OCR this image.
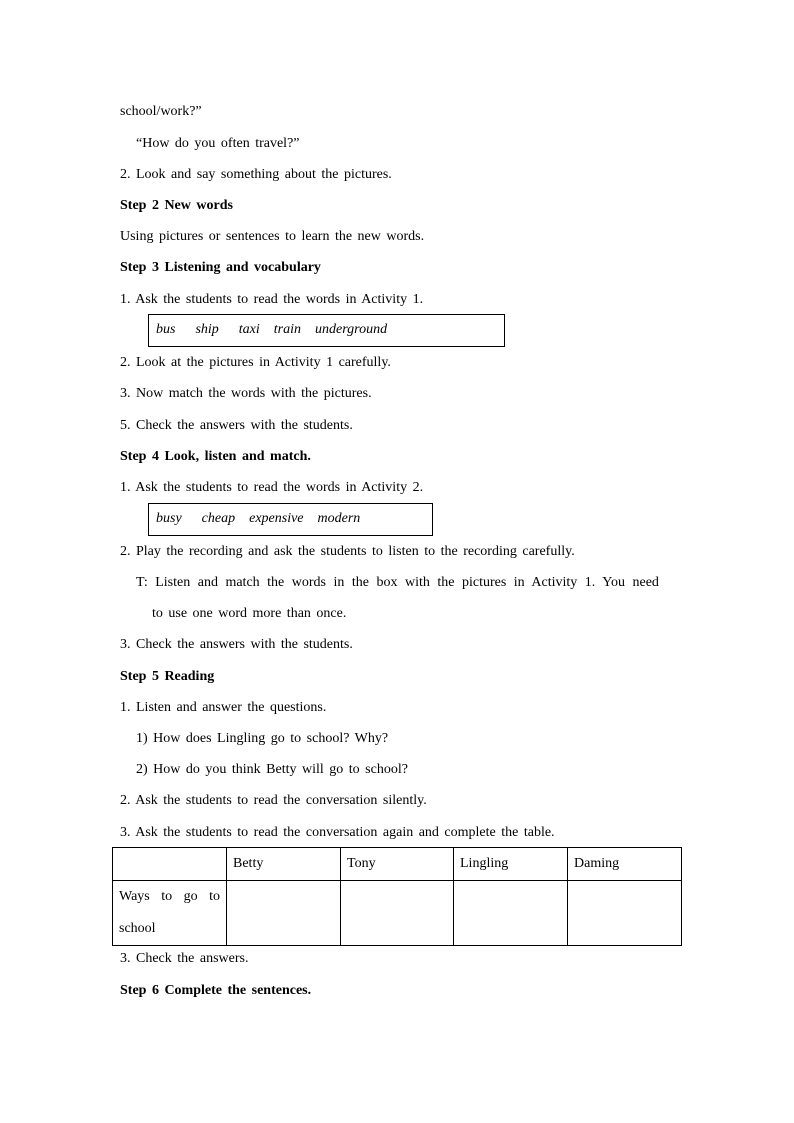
school/work?”
“How do you often travel?”
2. Look and say something about the pictures.
Step 2 New words
Using pictures or sentences to learn the new words.
Step 3 Listening and vocabulary
1. Ask the students to read the words in Activity 1.
bus ship taxi train underground
2. Look at the pictures in Activity 1 carefully.
3. Now match the words with the pictures.
5. Check the answers with the students.
Step 4 Look, listen and match.
1. Ask the students to read the words in Activity 2.
busy cheap expensive modern
2. Play the recording and ask the students to listen to the recording carefully.
T: Listen and match the words in the box with the pictures in Activity 1. You need
to use one word more than once.
3. Check the answers with the students.
Step 5 Reading
1. Listen and answer the questions.
1) How does Lingling go to school? Why?
2) How do you think Betty will go to school?
2. Ask the students to read the conversation silently.
3. Ask the students to read the conversation again and complete the table.
	Betty	Tony	Lingling	Daming

Ways to go to school				

3. Check the answers.
Step 6 Complete the sentences.
